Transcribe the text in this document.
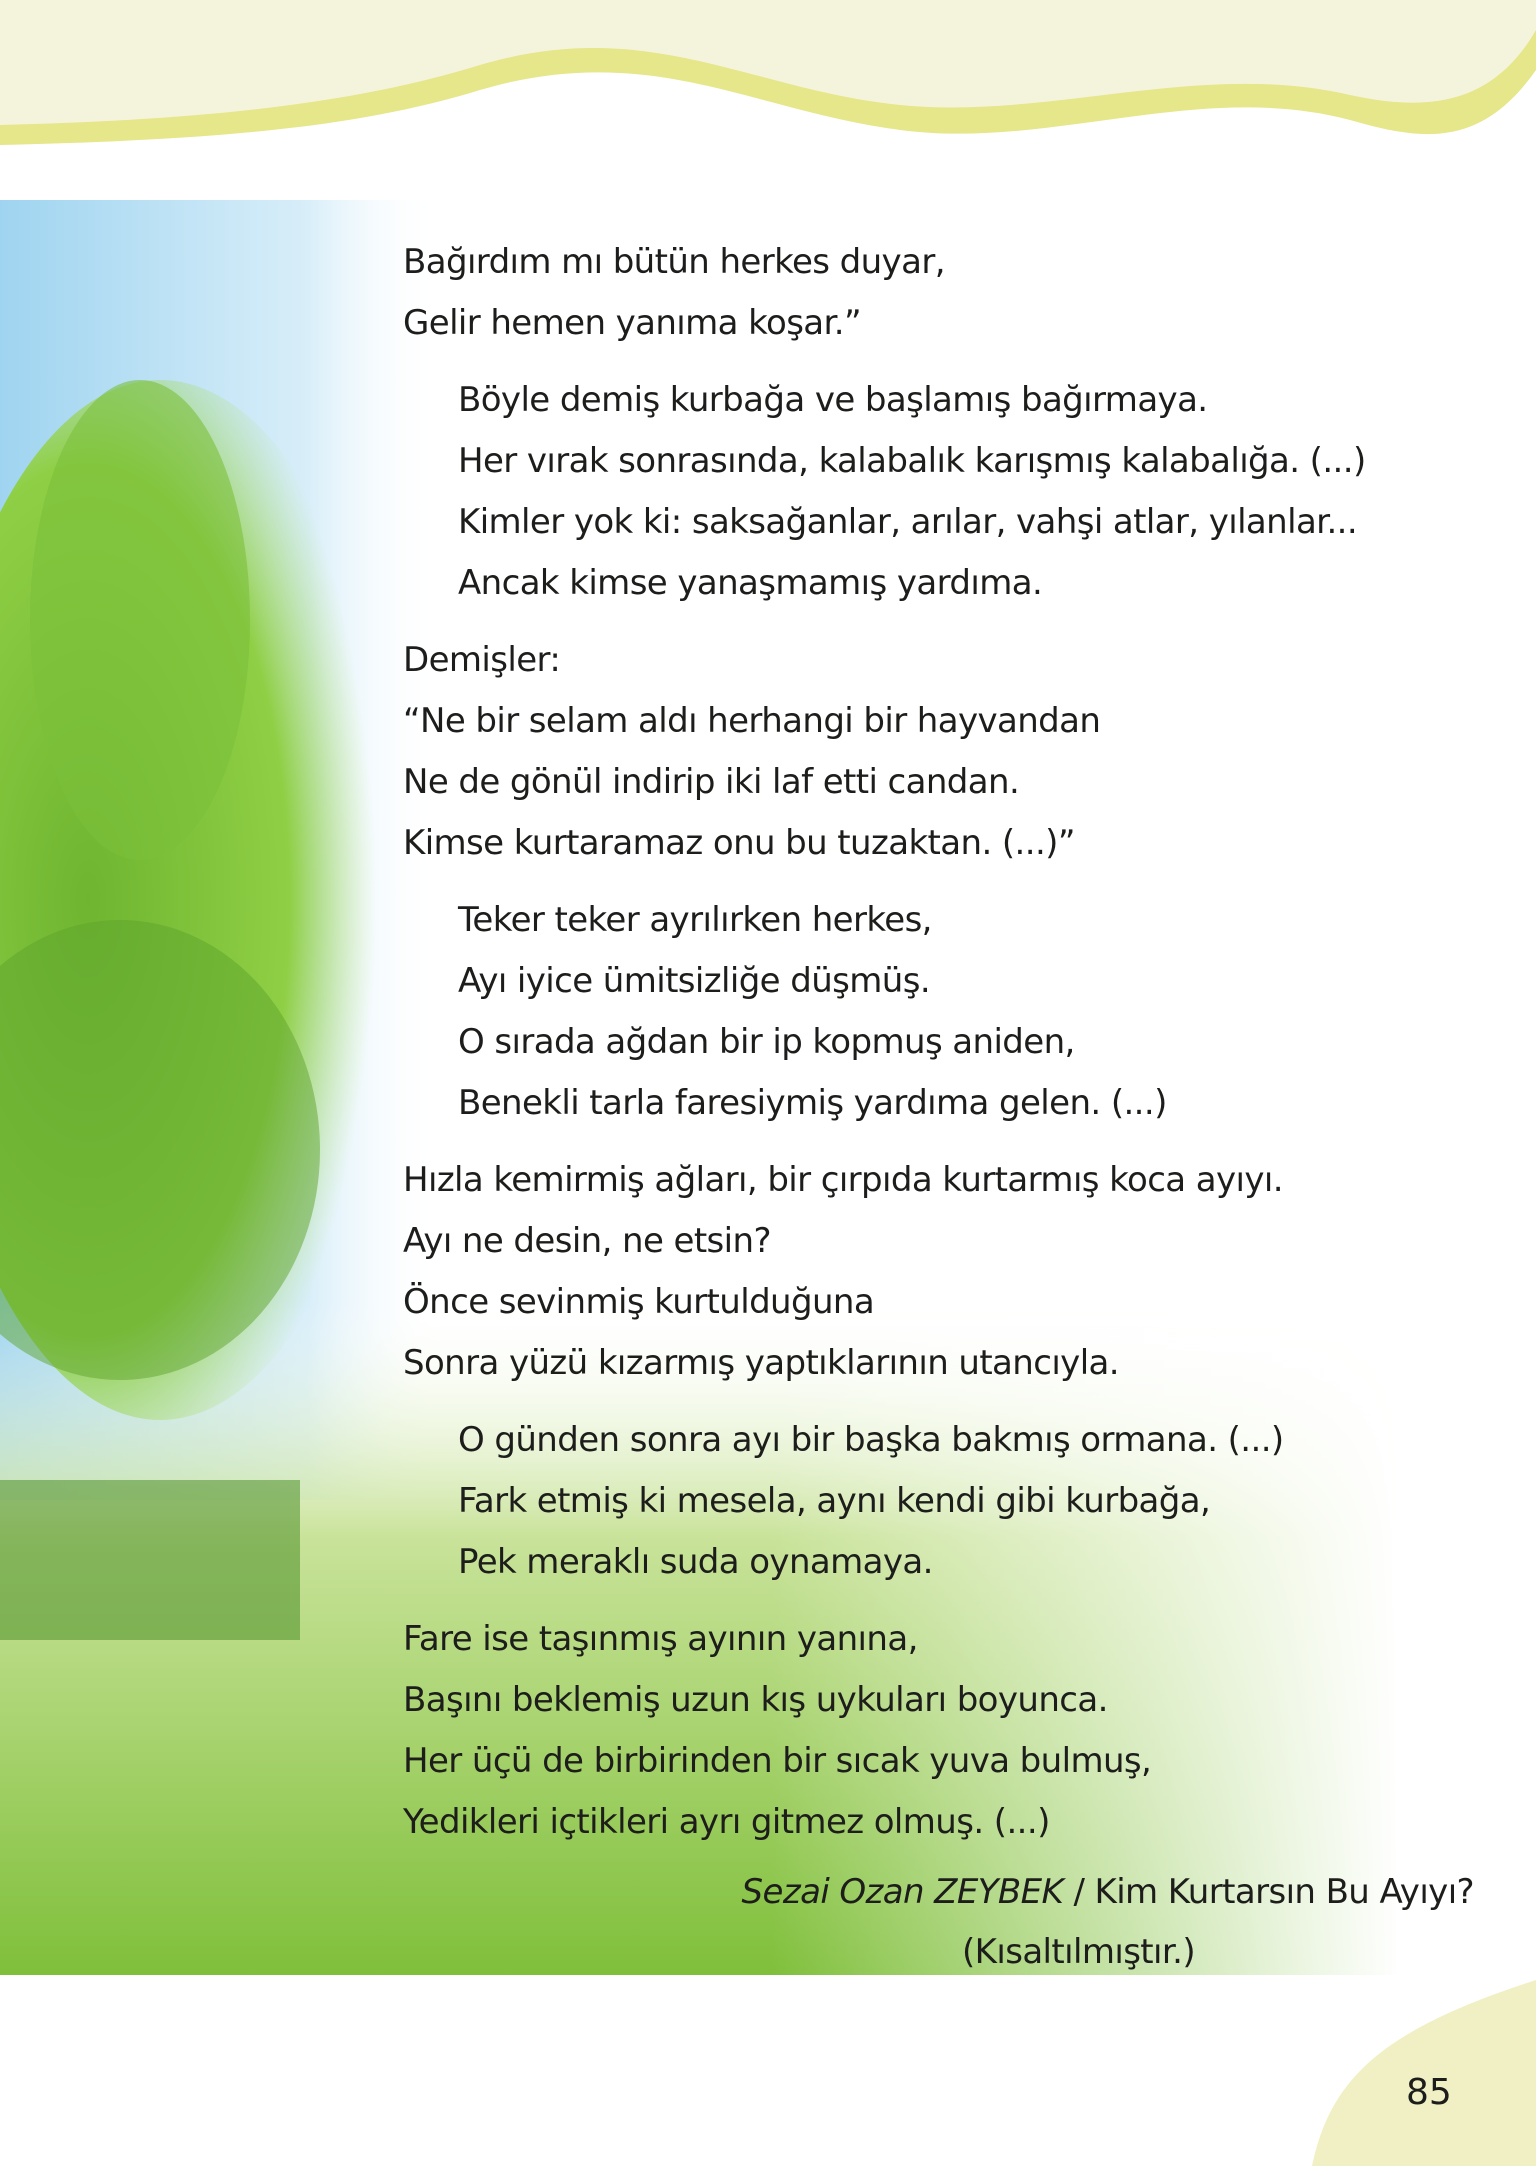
Bağırdım mı bütün herkes duyar,
Gelir hemen yanıma koşar.”
Böyle demiş kurbağa ve başlamış bağırmaya.
Her vırak sonrasında, kalabalık karışmış kalabalığa. (...)
Kimler yok ki: saksağanlar, arılar, vahşi atlar, yılanlar...
Ancak kimse yanaşmamış yardıma.
Demişler:
“Ne bir selam aldı herhangi bir hayvandan
Ne de gönül indirip iki laf etti candan.
Kimse kurtaramaz onu bu tuzaktan. (...)”
Teker teker ayrılırken herkes,
Ayı iyice ümitsizliğe düşmüş.
O sırada ağdan bir ip kopmuş aniden,
Benekli tarla faresiymiş yardıma gelen. (...)
Hızla kemirmiş ağları, bir çırpıda kurtarmış koca ayıyı.
Ayı ne desin, ne etsin?
Önce sevinmiş kurtulduğuna
Sonra yüzü kızarmış yaptıklarının utancıyla.
O günden sonra ayı bir başka bakmış ormana. (...)
Fark etmiş ki mesela, aynı kendi gibi kurbağa,
Pek meraklı suda oynamaya.
Fare ise taşınmış ayının yanına,
Başını beklemiş uzun kış uykuları boyunca.
Her üçü de birbirinden bir sıcak yuva bulmuş,
Yedikleri içtikleri ayrı gitmez olmuş. (...)
Sezai Ozan ZEYBEK / Kim Kurtarsın Bu Ayıyı?
(Kısaltılmıştır.)
85
